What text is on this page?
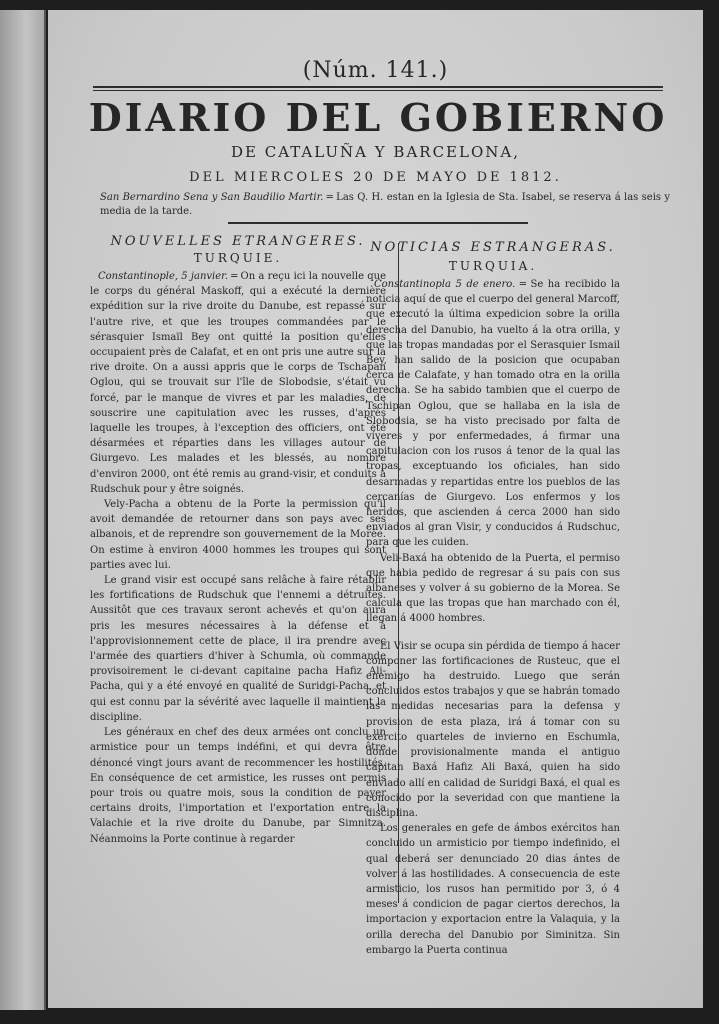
(Núm. 141.)
DIARIO DEL GOBIERNO
DE CATALUÑA Y BARCELONA,
DEL MIERCOLES 20 DE MAYO DE 1812.
San Bernardino Sena y San Baudilio Martir. ═ Las Q. H. estan en la Iglesia de Sta. Isabel, se reserva á las seis y media de la tarde.
NOUVELLES ETRANGERES.
TURQUIE.

Constantinople, 5 janvier. ═ On a reçu ici la nouvelle que le corps du général Maskoff, qui a exécuté la dernière expédition sur la rive droite du Danube, est repassé sur l'autre rive, et que les troupes commandées par le sérasquier Ismaïl Bey ont quitté la position qu'elles occupaient près de Calafat, et en ont pris une autre sur la rive droite. On a aussi appris que le corps de Tschapan Oglou, qui se trouvait sur l'île de Slobodsie, s'était vu forcé, par le manque de vivres et par les maladies, de souscrire une capitulation avec les russes, d'après laquelle les troupes, à l'exception des officiers, ont été désarmées et réparties dans les villages autour de Giurgevo. Les malades et les blessés, au nombre d'environ 2000, ont été remis au grand-visir, et conduits à Rudschuk pour y être soignés.

Vely-Pacha a obtenu de la Porte la permission qu'il avoit demandée de retourner dans son pays avec ses albanois, et de reprendre son gouvernement de la Morée. On estime à environ 4000 hommes les troupes qui sont parties avec lui.

Le grand visir est occupé sans relâche à faire rétablir les fortifications de Rudschuk que l'ennemi a détruites. Aussitôt que ces travaux seront achevés et qu'on aura pris les mesures nécessaires à la défense et à l'approvisionnement cette de place, il ira prendre avec l'armée des quartiers d'hiver à Schumla, où commande provisoirement le ci-devant capitaine pacha Hafiz Ali-Pacha, qui y a été envoyé en qualité de Suridgi-Pacha, et qui est connu par la sévérité avec laquelle il maintient la discipline.

Les généraux en chef des deux armées ont conclu un armistice pour un temps indéfini, et qui devra être dénoncé vingt jours avant de recommencer les hostilités. En conséquence de cet armistice, les russes ont permis pour trois ou quatre mois, sous la condition de payer certains droits, l'importation et l'exportation entre la Valachie et la rive droite du Danube, par Simnitza. Néanmoins la Porte continue à regarder

NOTICIAS ESTRANGERAS.
TURQUIA.

Constantinopla 5 de enero. ═ Se ha recibido la noticia aquí de que el cuerpo del general Marcoff, que executó la última expedicion sobre la orilla derecha del Danubio, ha vuelto á la otra orilla, y que las tropas mandadas por el Serasquier Ismail Bey, han salido de la posicion que ocupaban cerca de Calafate, y han tomado otra en la orilla derecha. Se ha sabido tambien que el cuerpo de Tschipan Oglou, que se hallaba en la isla de Slobodsia, se ha visto precisado por falta de víveres y por enfermedades, á firmar una capitulacion con los rusos á tenor de la qual las tropas, exceptuando los oficiales, han sido desarmadas y repartidas entre los pueblos de las cercanías de Giurgevo. Los enfermos y los heridos, que ascienden á cerca 2000 han sido enviados al gran Visir, y conducidos á Rudschuc, para que les cuiden.

Veli-Baxá ha obtenido de la Puerta, el permiso que habia pedido de regresar á su pais con sus albaneses y volver á su gobierno de la Morea. Se calcula que las tropas que han marchado con él, llegan á 4000 hombres.

El Visir se ocupa sin pérdida de tiempo á hacer componer las fortificaciones de Rusteuc, que el enemigo ha destruido. Luego que serán concluidos estos trabajos y que se habrán tomado las medidas necesarias para la defensa y provision de esta plaza, irá á tomar con su exército quarteles de invierno en Eschumla, donde provisionalmente manda el antiguo capitan Baxá Hafiz Ali Baxá, quien ha sido enviado allí en calidad de Suridgi Baxá, el qual es conocido por la severidad con que mantiene la disciplina.

Los generales en gefe de ámbos exércitos han concluido un armisticio por tiempo indefinido, el qual deberá ser denunciado 20 dias ántes de volver á las hostilidades. A consecuencia de este armisticio, los rusos han permitido por 3, ó 4 meses á condicion de pagar ciertos derechos, la importacion y exportacion entre la Valaquia, y la orilla derecha del Danubio por Siminitza. Sin embargo la Puerta continua
